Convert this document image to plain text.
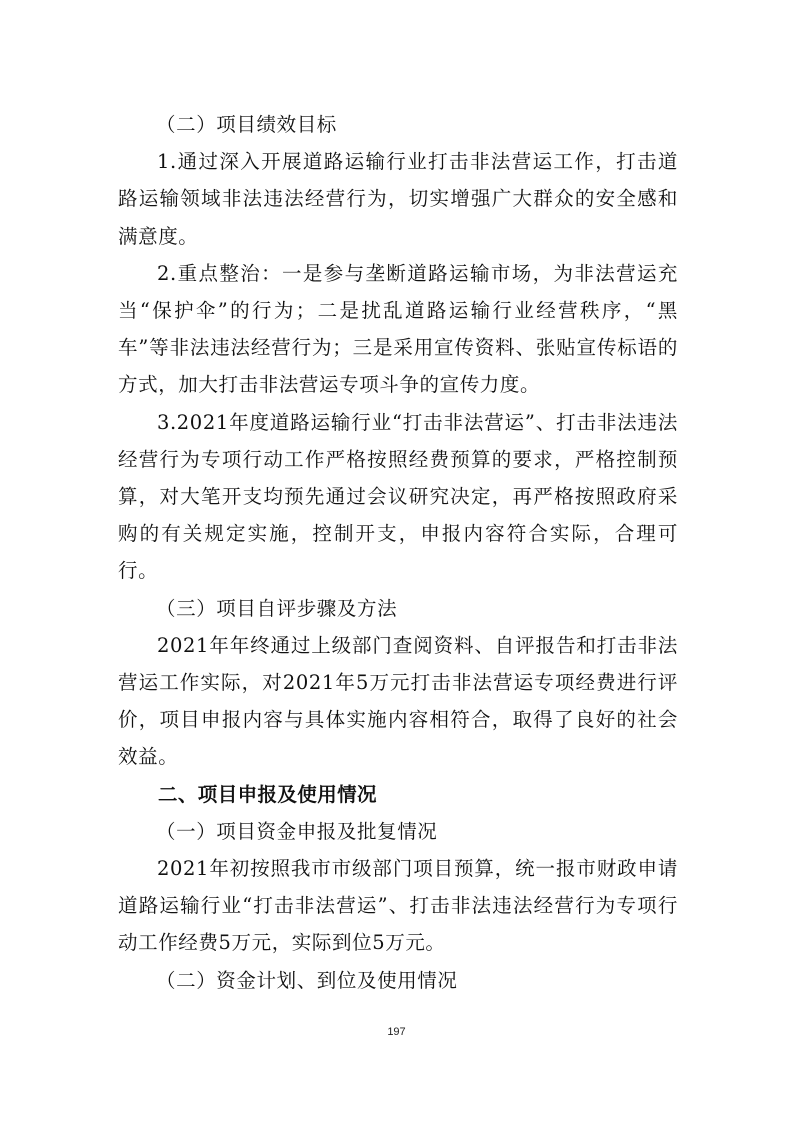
（二）项目绩效目标

1.通过深入开展道路运输行业打击非法营运工作，打击道路运输领域非法违法经营行为，切实增强广大群众的安全感和满意度。

2.重点整治：一是参与垄断道路运输市场，为非法营运充当“保护伞”的行为；二是扰乱道路运输行业经营秩序，“黑车”等非法违法经营行为；三是采用宣传资料、张贴宣传标语的方式，加大打击非法营运专项斗争的宣传力度。

3.2021年度道路运输行业“打击非法营运”、打击非法违法经营行为专项行动工作严格按照经费预算的要求，严格控制预算，对大笔开支均预先通过会议研究决定，再严格按照政府采购的有关规定实施，控制开支，申报内容符合实际，合理可行。

（三）项目自评步骤及方法

2021年年终通过上级部门查阅资料、自评报告和打击非法营运工作实际，对2021年5万元打击非法营运专项经费进行评价，项目申报内容与具体实施内容相符合，取得了良好的社会效益。

二、项目申报及使用情况

（一）项目资金申报及批复情况

2021年初按照我市市级部门项目预算，统一报市财政申请道路运输行业“打击非法营运”、打击非法违法经营行为专项行动工作经费5万元，实际到位5万元。

（二）资金计划、到位及使用情况

197
